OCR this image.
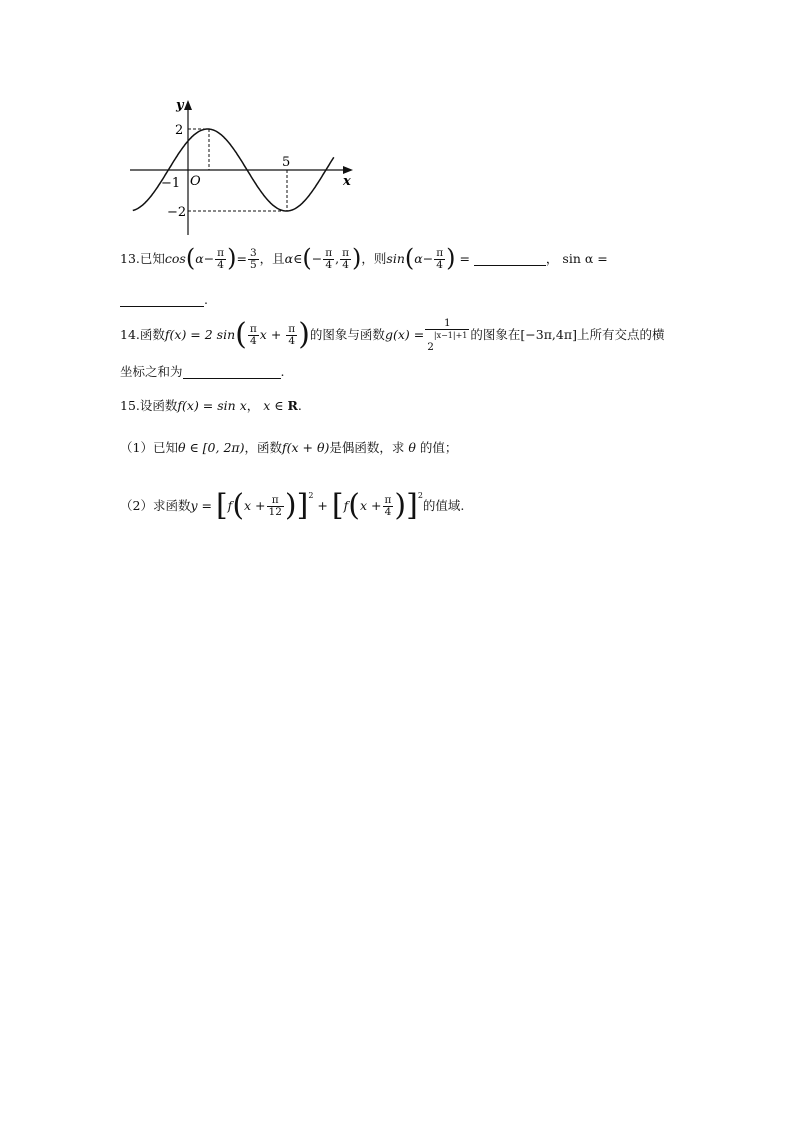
y
x
2
−2
O
−1
5
13.已知$\cos(\alpha- \frac{\pi}{4}$ )= $\frac{3}{5}$ ，且α∈(− $\frac{\pi}{4}$ , $\frac{\pi}{4}$ )，则$\sin(\alpha- \frac{\pi}{4}$ ) =	， sin α =
.
14.函数f(x) = 2 $\sin( \frac{\pi}{4}$ $x + \frac{\pi}{4}$ )的图象与函数$g(x) = \frac{1}{2^{|x-1|+1}}$ 的图象在[−3π,4π]上所有交点的横
坐标之和为	.
15.设函数f(x) = sin x， x ∈ R.
（1）已知θ ∈ [0, 2π)，函数f(x + θ)是偶函数，求 θ 的值；
（2）求函数$y = [f(x + \frac{\pi}{12} )]^2 + [f(x + \frac{\pi}{4} )]^2$的值域.
